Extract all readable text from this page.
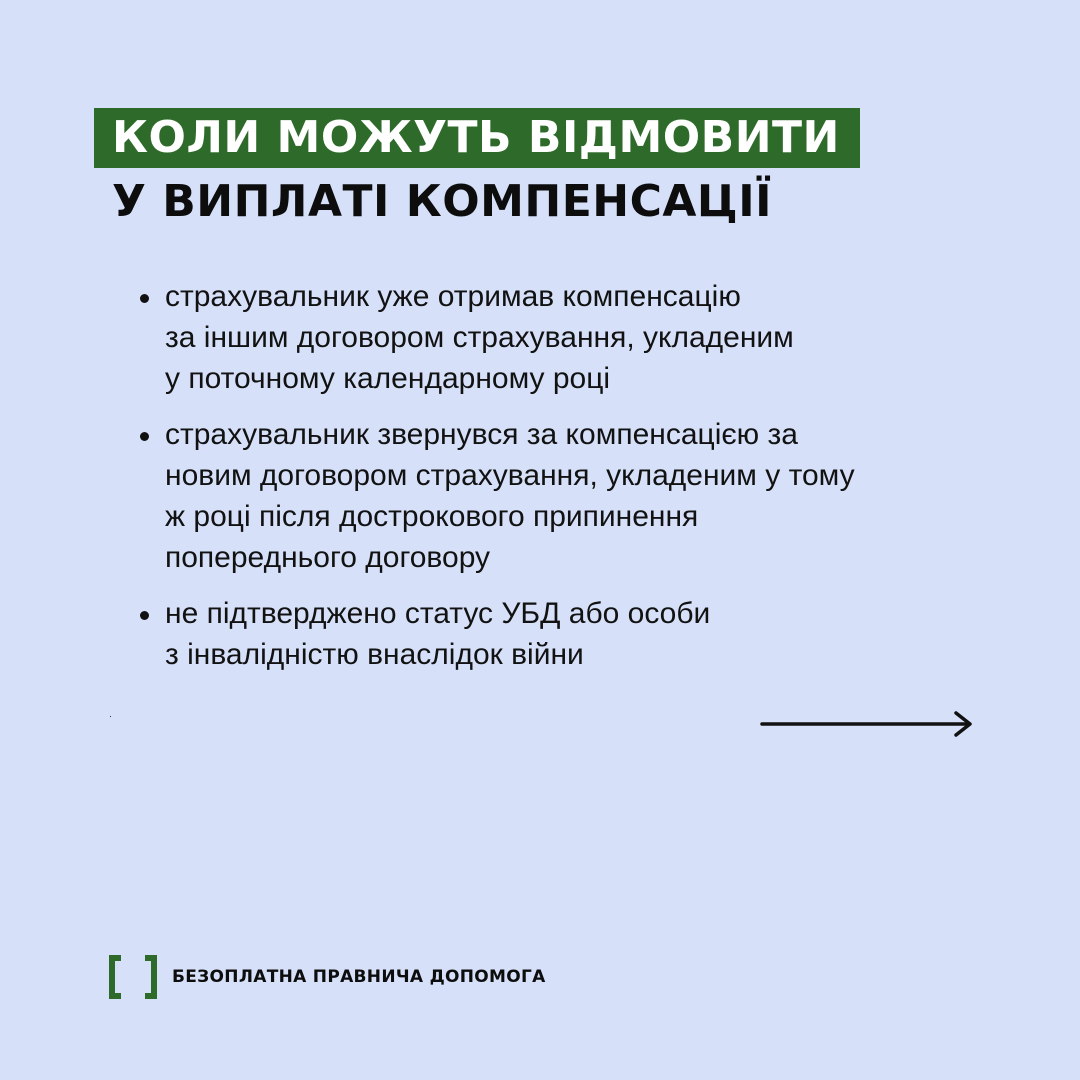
КОЛИ МОЖУТЬ ВІДМОВИТИ
У ВИПЛАТІ КОМПЕНСАЦІЇ
страхувальник уже отримав компенсацію
за іншим договором страхування, укладеним
у поточному календарному році
страхувальник звернувся за компенсацією за
новим договором страхування, укладеним у тому
ж році після дострокового припинення
попереднього договору
не підтверджено статус УБД або особи
з інвалідністю внаслідок війни
БЕЗОПЛАТНА ПРАВНИЧА ДОПОМОГА
